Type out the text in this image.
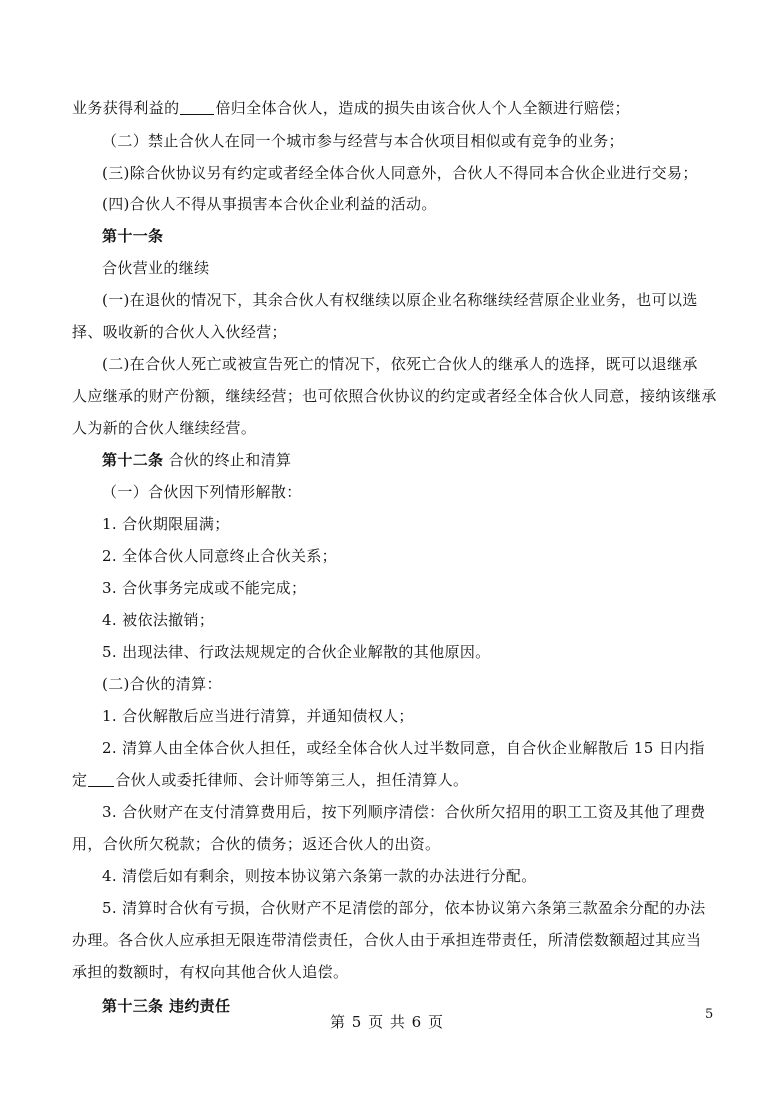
业务获得利益的 倍归全体合伙人，造成的损失由该合伙人个人全额进行赔偿；
（二）禁止合伙人在同一个城市参与经营与本合伙项目相似或有竞争的业务；
(三)除合伙协议另有约定或者经全体合伙人同意外，合伙人不得同本合伙企业进行交易；
(四)合伙人不得从事损害本合伙企业利益的活动。
第十一条
合伙营业的继续
(一)在退伙的情况下，其余合伙人有权继续以原企业名称继续经营原企业业务，也可以选
择、吸收新的合伙人入伙经营；
(二)在合伙人死亡或被宣告死亡的情况下，依死亡合伙人的继承人的选择，既可以退继承
人应继承的财产份额，继续经营；也可依照合伙协议的约定或者经全体合伙人同意，接纳该继承
人为新的合伙人继续经营。
第十二条 合伙的终止和清算
（一）合伙因下列情形解散：
1. 合伙期限届满；
2. 全体合伙人同意终止合伙关系；
3. 合伙事务完成或不能完成；
4. 被依法撤销；
5. 出现法律、行政法规规定的合伙企业解散的其他原因。
(二)合伙的清算：
1. 合伙解散后应当进行清算，并通知债权人；
2. 清算人由全体合伙人担任，或经全体合伙人过半数同意，自合伙企业解散后 15 日内指
定 合伙人或委托律师、会计师等第三人，担任清算人。
3. 合伙财产在支付清算费用后，按下列顺序清偿：合伙所欠招用的职工工资及其他了理费
用，合伙所欠税款；合伙的债务；返还合伙人的出资。
4. 清偿后如有剩余，则按本协议第六条第一款的办法进行分配。
5. 清算时合伙有亏损，合伙财产不足清偿的部分，依本协议第六条第三款盈余分配的办法
办理。各合伙人应承担无限连带清偿责任，合伙人由于承担连带责任，所清偿数额超过其应当
承担的数额时，有权向其他合伙人追偿。
第十三条 违约责任
第 5 页 共 6 页	5
